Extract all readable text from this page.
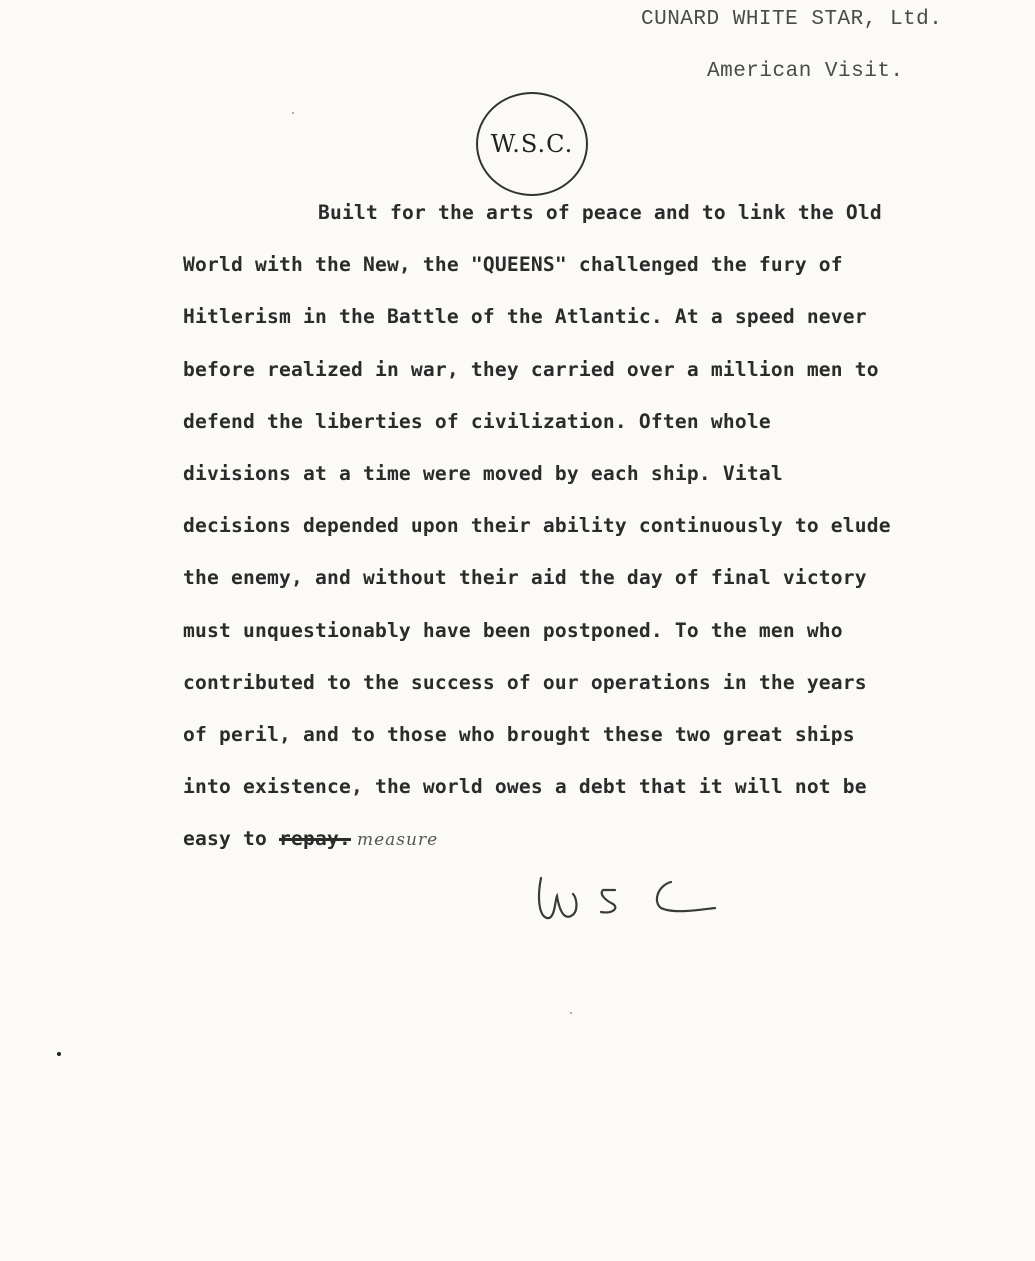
CUNARD WHITE STAR, Ltd.
American Visit.
W.S.C.
Built for the arts of peace and to link the Old
World with the New, the "QUEENS" challenged the fury of
Hitlerism in the Battle of the Atlantic. At a speed never
before realized in war, they carried over a million men to
defend the liberties of civilization. Often whole
divisions at a time were moved by each ship. Vital
decisions depended upon their ability continuously to elude
the enemy, and without their aid the day of final victory
must unquestionably have been postponed. To the men who
contributed to the success of our operations in the years
of peril, and to those who brought these two great ships
into existence, the world owes a debt that it will not be
easy to repay. measure
